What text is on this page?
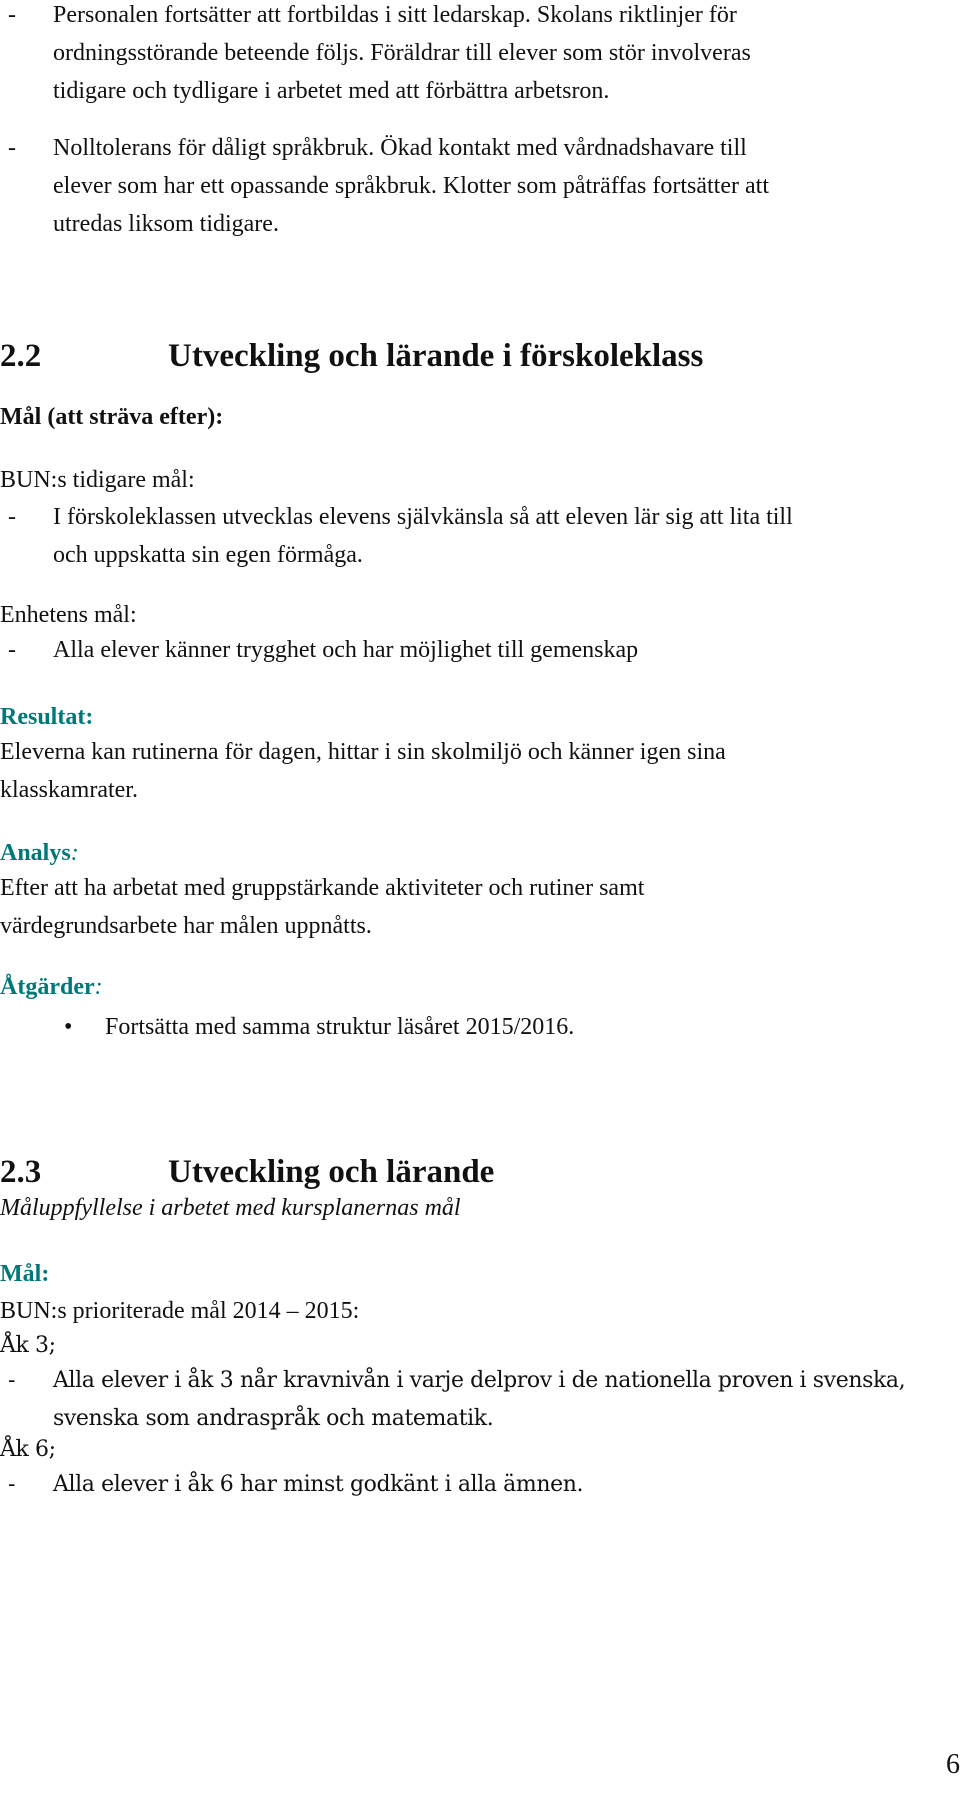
- Personalen fortsätter att fortbildas i sitt ledarskap. Skolans riktlinjer för
ordningsstörande beteende följs. Föräldrar till elever som stör involveras
tidigare och tydligare i arbetet med att förbättra arbetsron.
- Nolltolerans för dåligt språkbruk. Ökad kontakt med vårdnadshavare till
elever som har ett opassande språkbruk. Klotter som påträffas fortsätter att
utredas liksom tidigare.
2.2	Utveckling och lärande i förskoleklass
Mål (att sträva efter):
BUN:s tidigare mål:
- I förskoleklassen utvecklas elevens självkänsla så att eleven lär sig att lita till
och uppskatta sin egen förmåga.
Enhetens mål:
- Alla elever känner trygghet och har möjlighet till gemenskap
Resultat:
Eleverna kan rutinerna för dagen, hittar i sin skolmiljö och känner igen sina
klasskamrater.
Analys:
Efter att ha arbetat med gruppstärkande aktiviteter och rutiner samt
värdegrundsarbete har målen uppnåtts.
Åtgärder:
• Fortsätta med samma struktur läsåret 2015/2016.
2.3	Utveckling och lärande
Måluppfyllelse i arbetet med kursplanernas mål
Mål:
BUN:s prioriterade mål 2014 – 2015:
Åk 3;
- Alla elever i åk 3 når kravnivån i varje delprov i de nationella proven i svenska,
svenska som andraspråk och matematik.
Åk 6;
- Alla elever i åk 6 har minst godkänt i alla ämnen.
6
